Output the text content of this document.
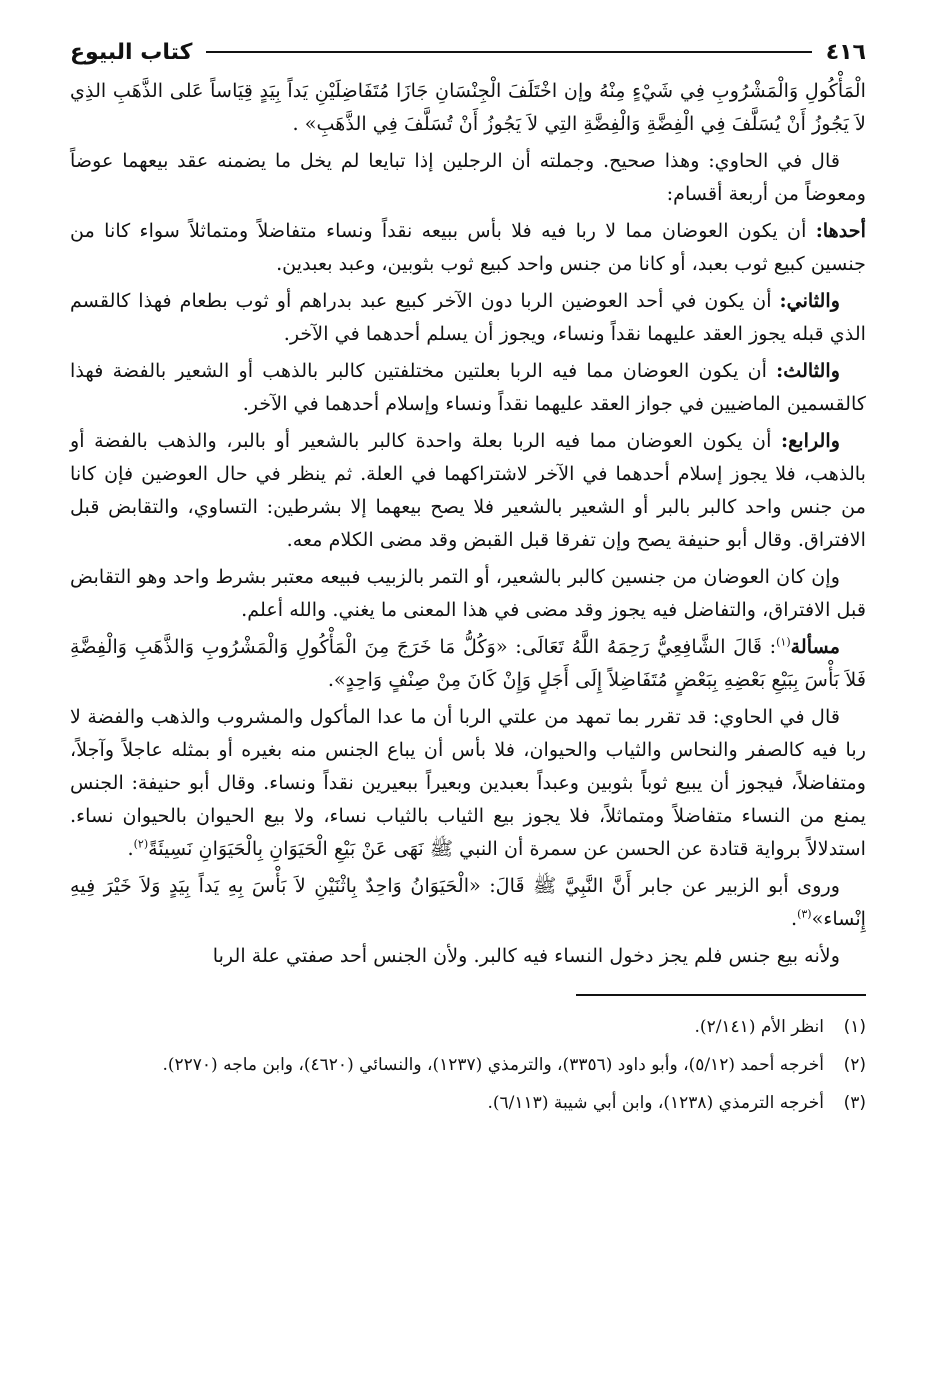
٤١٦
كتاب البيوع

الْمَأْكُولِ وَالْمَشْرُوبِ فِي شَيْءٍ مِنْهُ وإن اخْتَلَفَ الْجِنْسَانِ جَازَا مُتَفَاضِلَيْنِ يَداً بِيَدٍ قِيَاساً عَلى الذَّهَبِ الذِي لاَ يَجُوزُ أَنْ يُسَلَّفَ فِي الْفِضَّةِ وَالْفِضَّةِ التِي لاَ يَجُوزُ أَنْ تُسَلَّفَ فِي الذَّهَبِ» .

قال في الحاوي: وهذا صحيح. وجملته أن الرجلين إذا تبايعا لم يخل ما يضمنه عقد بيعهما عوضاً ومعوضاً من أربعة أقسام:

أحدها: أن يكون العوضان مما لا ربا فيه فلا بأس ببيعه نقداً ونساء متفاضلاً ومتماثلاً سواء كانا من جنسين كبيع ثوب بعبد، أو كانا من جنس واحد كبيع ثوب بثوبين، وعبد بعبدين.

والثاني: أن يكون في أحد العوضين الربا دون الآخر كبيع عبد بدراهم أو ثوب بطعام فهذا كالقسم الذي قبله يجوز العقد عليهما نقداً ونساء، ويجوز أن يسلم أحدهما في الآخر.

والثالث: أن يكون العوضان مما فيه الربا بعلتين مختلفتين كالبر بالذهب أو الشعير بالفضة فهذا كالقسمين الماضيين في جواز العقد عليهما نقداً ونساء وإسلام أحدهما في الآخر.

والرابع: أن يكون العوضان مما فيه الربا بعلة واحدة كالبر بالشعير أو بالبر، والذهب بالفضة أو بالذهب، فلا يجوز إسلام أحدهما في الآخر لاشتراكهما في العلة. ثم ينظر في حال العوضين فإن كانا من جنس واحد كالبر بالبر أو الشعير بالشعير فلا يصح بيعهما إلا بشرطين: التساوي، والتقابض قبل الافتراق. وقال أبو حنيفة يصح وإن تفرقا قبل القبض وقد مضى الكلام معه.

وإن كان العوضان من جنسين كالبر بالشعير، أو التمر بالزبيب فبيعه معتبر بشرط واحد وهو التقابض قبل الافتراق، والتفاضل فيه يجوز وقد مضى في هذا المعنى ما يغني. والله أعلم.

مسألة$^{(١)}$: قَالَ الشَّافِعِيُّ رَحِمَهُ اللَّهُ تَعَالَى: «وَكُلُّ مَا خَرَجَ مِنَ الْمَأْكُولِ وَالْمَشْرُوبِ وَالذَّهَبِ وَالْفِضَّةِ فَلاَ بَأْسَ بِبَيْعِ بَعْضِهِ بِبَعْضٍ مُتَفَاضِلاً إِلَى أَجَلٍ وَإِنْ كَانَ مِنْ صِنْفٍ وَاحِدٍ».

قال في الحاوي: قد تقرر بما تمهد من علتي الربا أن ما عدا المأكول والمشروب والذهب والفضة لا ربا فيه كالصفر والنحاس والثياب والحيوان، فلا بأس أن يباع الجنس منه بغيره أو بمثله عاجلاً وآجلاً، ومتفاضلاً، فيجوز أن يبيع ثوباً بثوبين وعبداً بعبدين وبعيراً ببعيرين نقداً ونساء. وقال أبو حنيفة: الجنس يمنع من النساء متفاضلاً ومتماثلاً، فلا يجوز بيع الثياب بالثياب نساء، ولا بيع الحيوان بالحيوان نساء. استدلالاً برواية قتادة عن الحسن عن سمرة أن النبي ﷺ نَهَى عَنْ بَيْعِ الْحَيَوَانِ بِالْحَيَوَانِ نَسِيئَةً$^{(٢)}$.

وروى أبو الزبير عن جابر أَنَّ النَّبِيَّ ﷺ قَالَ: «الْحَيَوَانُ وَاحِدٌ بِاثْنَيْنِ لاَ بَأْسَ بِهِ يَداً بِيَدٍ وَلاَ خَيْرَ فِيهِ إِنْساء»$^{(٣)}$.

ولأنه بيع جنس فلم يجز دخول النساء فيه كالبر. ولأن الجنس أحد صفتي علة الربا

(١)
انظر الأم (٢/١٤١).
(٢)
أخرجه أحمد (٥/١٢)، وأبو داود (٣٣٥٦)، والترمذي (١٢٣٧)، والنسائي (٤٦٢٠)، وابن ماجه (٢٢٧٠).
(٣)
أخرجه الترمذي (١٢٣٨)، وابن أبي شيبة (٦/١١٣).
